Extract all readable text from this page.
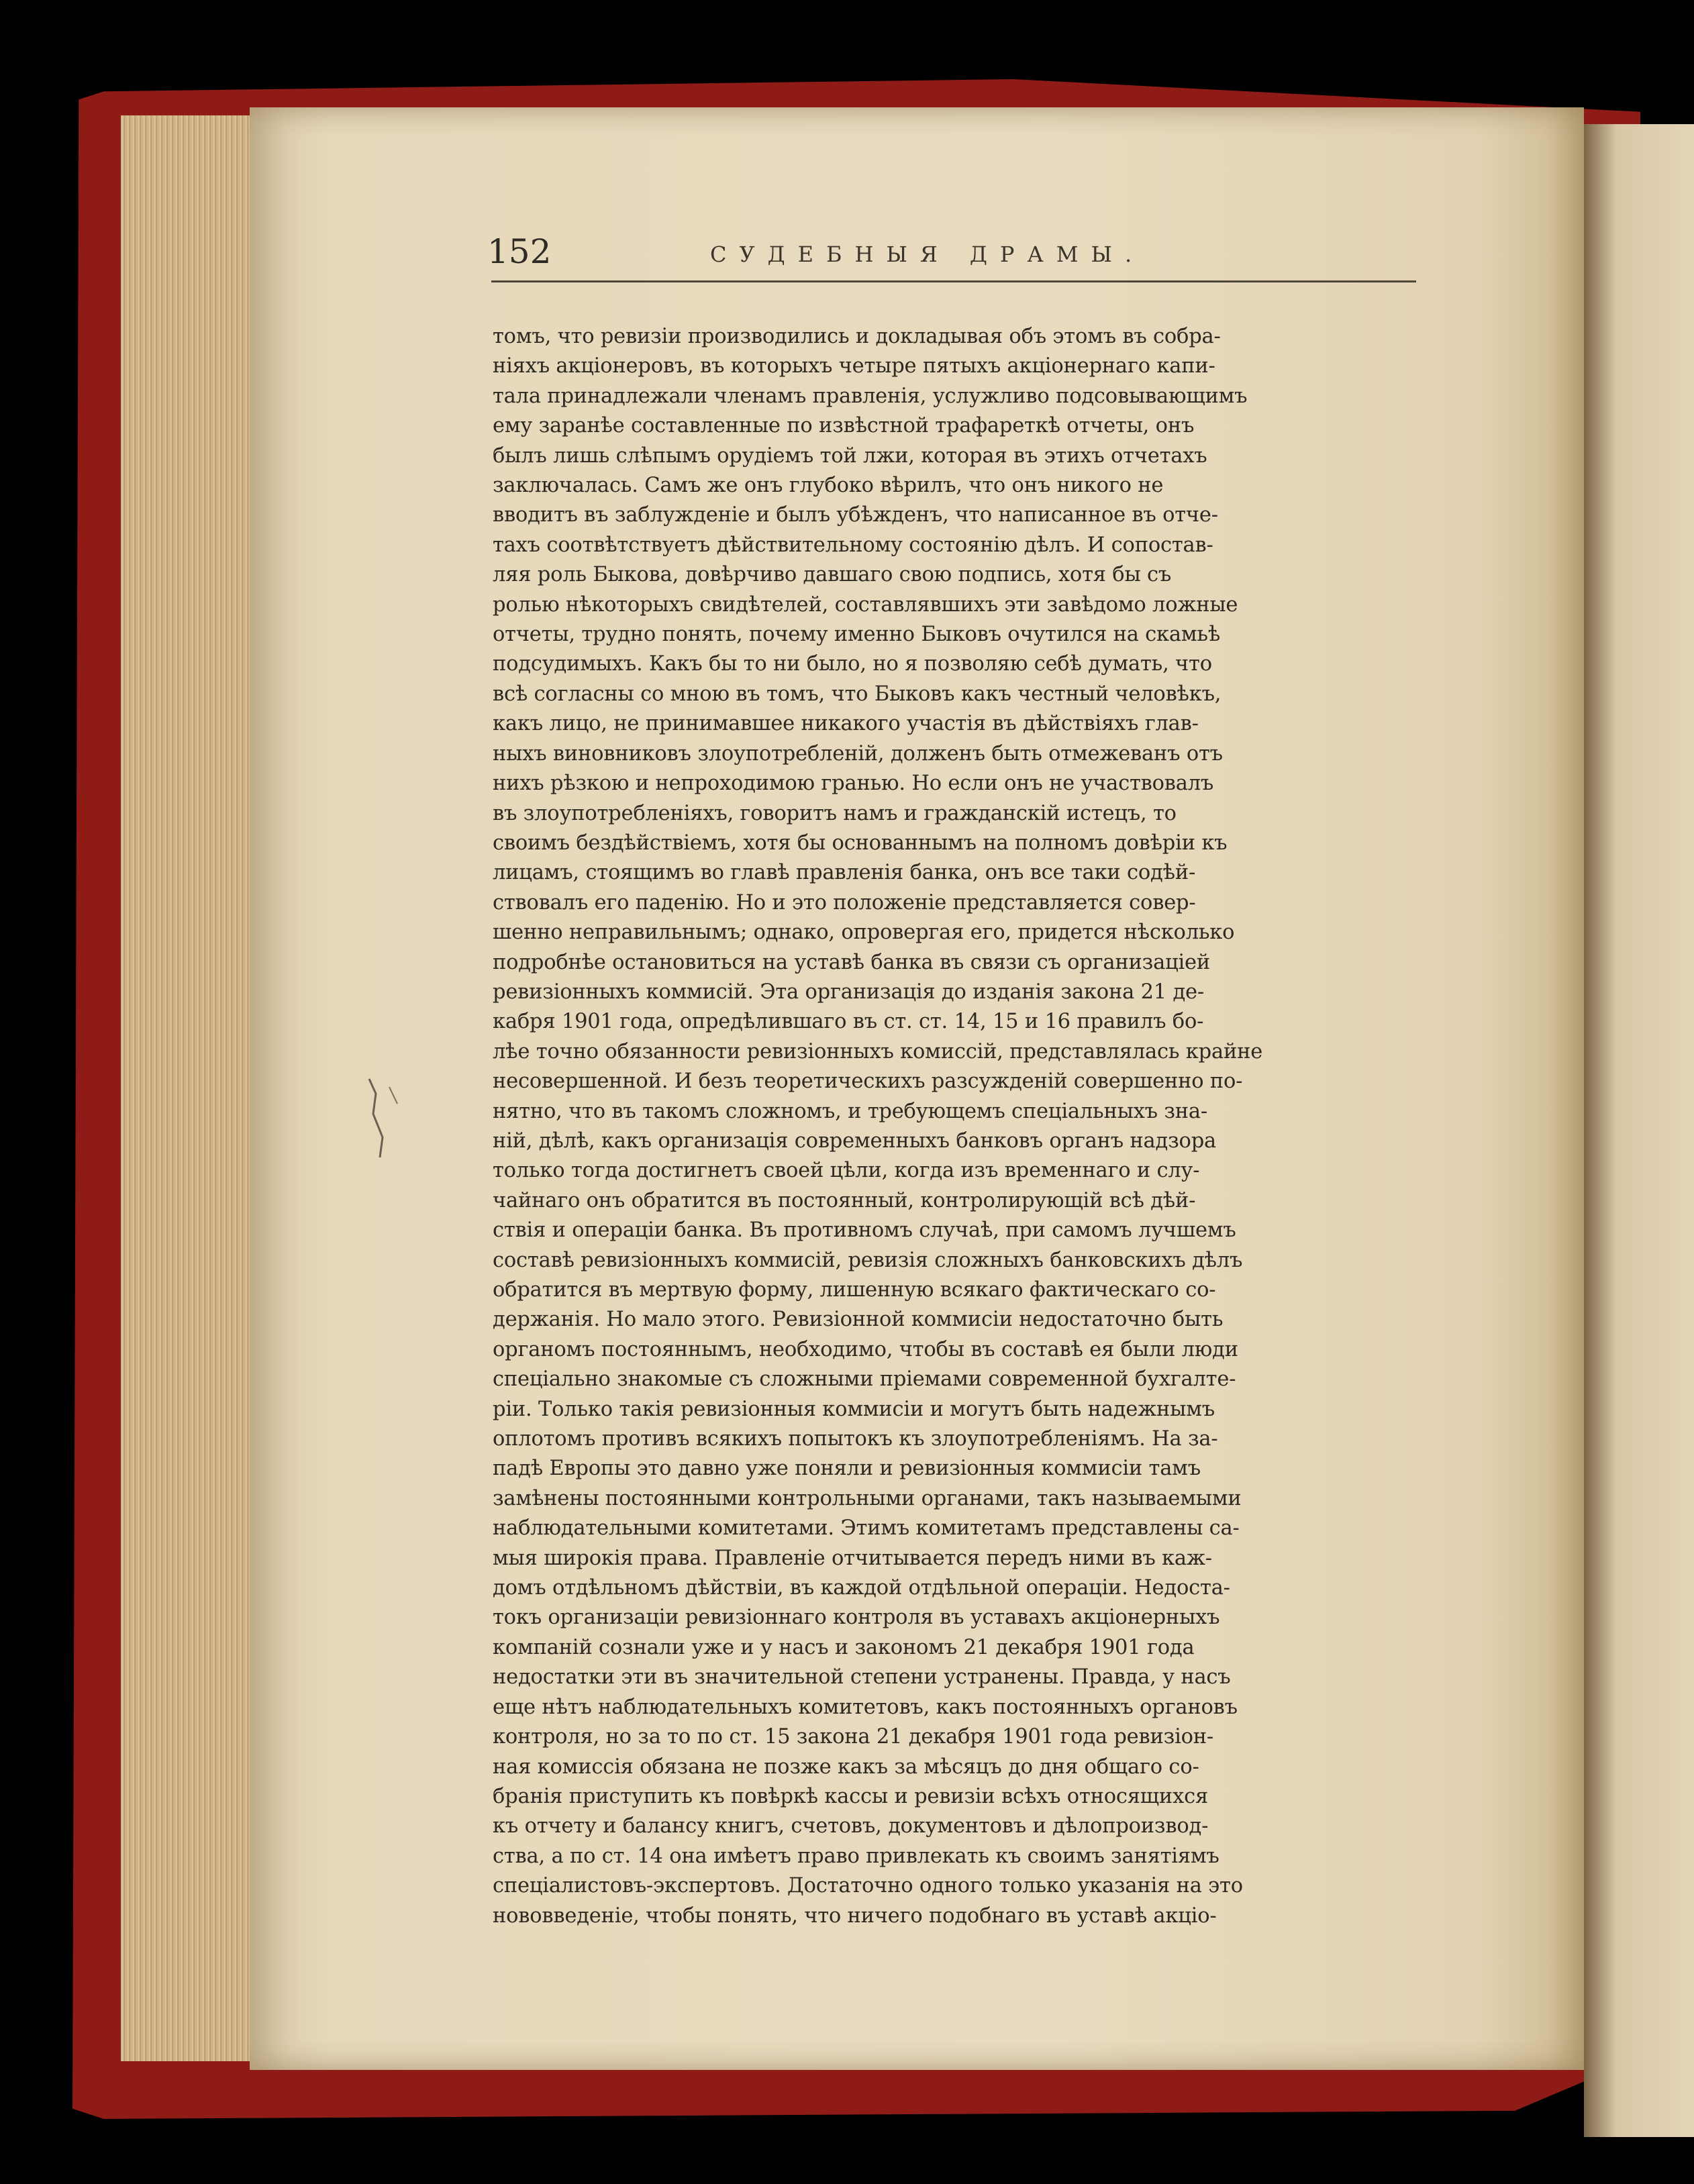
152	СУДЕБНЫЯ ДРАМЫ.
томъ, что ревизіи производились и докладывая объ этомъ въ собра-
ніяхъ акціонеровъ, въ которыхъ четыре пятыхъ акціонернаго капи-
тала принадлежали членамъ правленія, услужливо подсовывающимъ
ему заранѣе составленные по извѣстной трафареткѣ отчеты, онъ
былъ лишь слѣпымъ орудіемъ той лжи, которая въ этихъ отчетахъ
заключалась. Самъ же онъ глубоко вѣрилъ, что онъ никого не
вводитъ въ заблужденіе и былъ убѣжденъ, что написанное въ отче-
тахъ соотвѣтствуетъ дѣйствительному состоянію дѣлъ. И сопостав-
ляя роль Быкова, довѣрчиво давшаго свою подпись, хотя бы съ
ролью нѣкоторыхъ свидѣтелей, составлявшихъ эти завѣдомо ложные
отчеты, трудно понять, почему именно Быковъ очутился на скамьѣ
подсудимыхъ. Какъ бы то ни было, но я позволяю себѣ думать, что
всѣ согласны со мною въ томъ, что Быковъ какъ честный человѣкъ,
какъ лицо, не принимавшее никакого участія въ дѣйствіяхъ глав-
ныхъ виновниковъ злоупотребленій, долженъ быть отмежеванъ отъ
нихъ рѣзкою и непроходимою гранью. Но если онъ не участвовалъ
въ злоупотребленіяхъ, говоритъ намъ и гражданскій истецъ, то
своимъ бездѣйствіемъ, хотя бы основаннымъ на полномъ довѣріи къ
лицамъ, стоящимъ во главѣ правленія банка, онъ все таки содѣй-
ствовалъ его паденію. Но и это положеніе представляется совер-
шенно неправильнымъ; однако, опровергая его, придется нѣсколько
подробнѣе остановиться на уставѣ банка въ связи съ организаціей
ревизіонныхъ коммисій. Эта организація до изданія закона 21 де-
кабря 1901 года, опредѣлившаго въ ст. ст. 14, 15 и 16 правилъ бо-
лѣе точно обязанности ревизіонныхъ комиссій, представлялась крайне
несовершенной. И безъ теоретическихъ разсужденій совершенно по-
нятно, что въ такомъ сложномъ, и требующемъ спеціальныхъ зна-
ній, дѣлѣ, какъ организація современныхъ банковъ органъ надзора
только тогда достигнетъ своей цѣли, когда изъ временнаго и слу-
чайнаго онъ обратится въ постоянный, контролирующій всѣ дѣй-
ствія и операціи банка. Въ противномъ случаѣ, при самомъ лучшемъ
составѣ ревизіонныхъ коммисій, ревизія сложныхъ банковскихъ дѣлъ
обратится въ мертвую форму, лишенную всякаго фактическаго со-
держанія. Но мало этого. Ревизіонной коммисіи недостаточно быть
органомъ постояннымъ, необходимо, чтобы въ составѣ ея были люди
спеціально знакомые съ сложными пріемами современной бухгалте-
ріи. Только такія ревизіонныя коммисіи и могутъ быть надежнымъ
оплотомъ противъ всякихъ попытокъ къ злоупотребленіямъ. На за-
падѣ Европы это давно уже поняли и ревизіонныя коммисіи тамъ
замѣнены постоянными контрольными органами, такъ называемыми
наблюдательными комитетами. Этимъ комитетамъ представлены са-
мыя широкія права. Правленіе отчитывается передъ ними въ каж-
домъ отдѣльномъ дѣйствіи, въ каждой отдѣльной операціи. Недоста-
токъ организаціи ревизіоннаго контроля въ уставахъ акціонерныхъ
компаній сознали уже и у насъ и закономъ 21 декабря 1901 года
недостатки эти въ значительной степени устранены. Правда, у насъ
еще нѣтъ наблюдательныхъ комитетовъ, какъ постоянныхъ органовъ
контроля, но за то по ст. 15 закона 21 декабря 1901 года ревизіон-
ная комиссія обязана не позже какъ за мѣсяцъ до дня общаго со-
бранія приступить къ повѣркѣ кассы и ревизіи всѣхъ относящихся
къ отчету и балансу книгъ, счетовъ, документовъ и дѣлопроизвод-
ства, а по ст. 14 она имѣетъ право привлекать къ своимъ занятіямъ
спеціалистовъ-экспертовъ. Достаточно одного только указанія на это
нововведеніе, чтобы понять, что ничего подобнаго въ уставѣ акціо-
